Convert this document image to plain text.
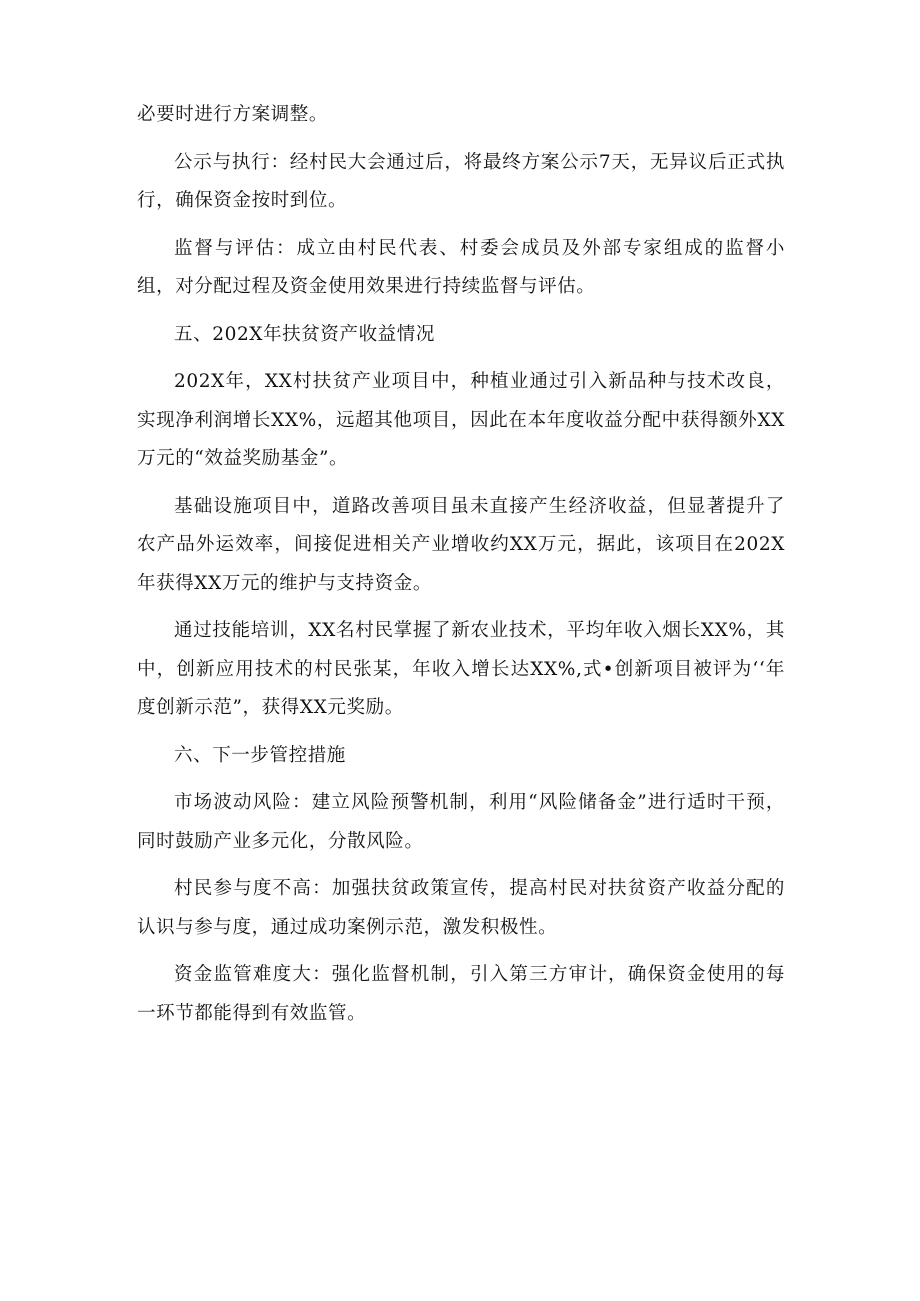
必要时进行方案调整。

公示与执行：经村民大会通过后，将最终方案公示7天，无异议后正式执行，确保资金按时到位。

监督与评估：成立由村民代表、村委会成员及外部专家组成的监督小组，对分配过程及资金使用效果进行持续监督与评估。

五、202X年扶贫资产收益情况

202X年，XX村扶贫产业项目中，种植业通过引入新品种与技术改良，实现净利润增长XX%，远超其他项目，因此在本年度收益分配中获得额外XX万元的“效益奖励基金”。

基础设施项目中，道路改善项目虽未直接产生经济收益，但显著提升了农产品外运效率，间接促进相关产业增收约XX万元，据此，该项目在202X年获得XX万元的维护与支持资金。

通过技能培训，XX名村民掌握了新农业技术，平均年收入烟长XX%，其中，创新应用技术的村民张某，年收入增长达XX%,式•创新项目被评为‘‘年度创新示范”，获得XX元奖励。

六、下一步管控措施

市场波动风险：建立风险预警机制，利用“风险储备金”进行适时干预，同时鼓励产业多元化，分散风险。

村民参与度不高：加强扶贫政策宣传，提高村民对扶贫资产收益分配的认识与参与度，通过成功案例示范，激发积极性。

资金监管难度大：强化监督机制，引入第三方审计，确保资金使用的每一环节都能得到有效监管。
